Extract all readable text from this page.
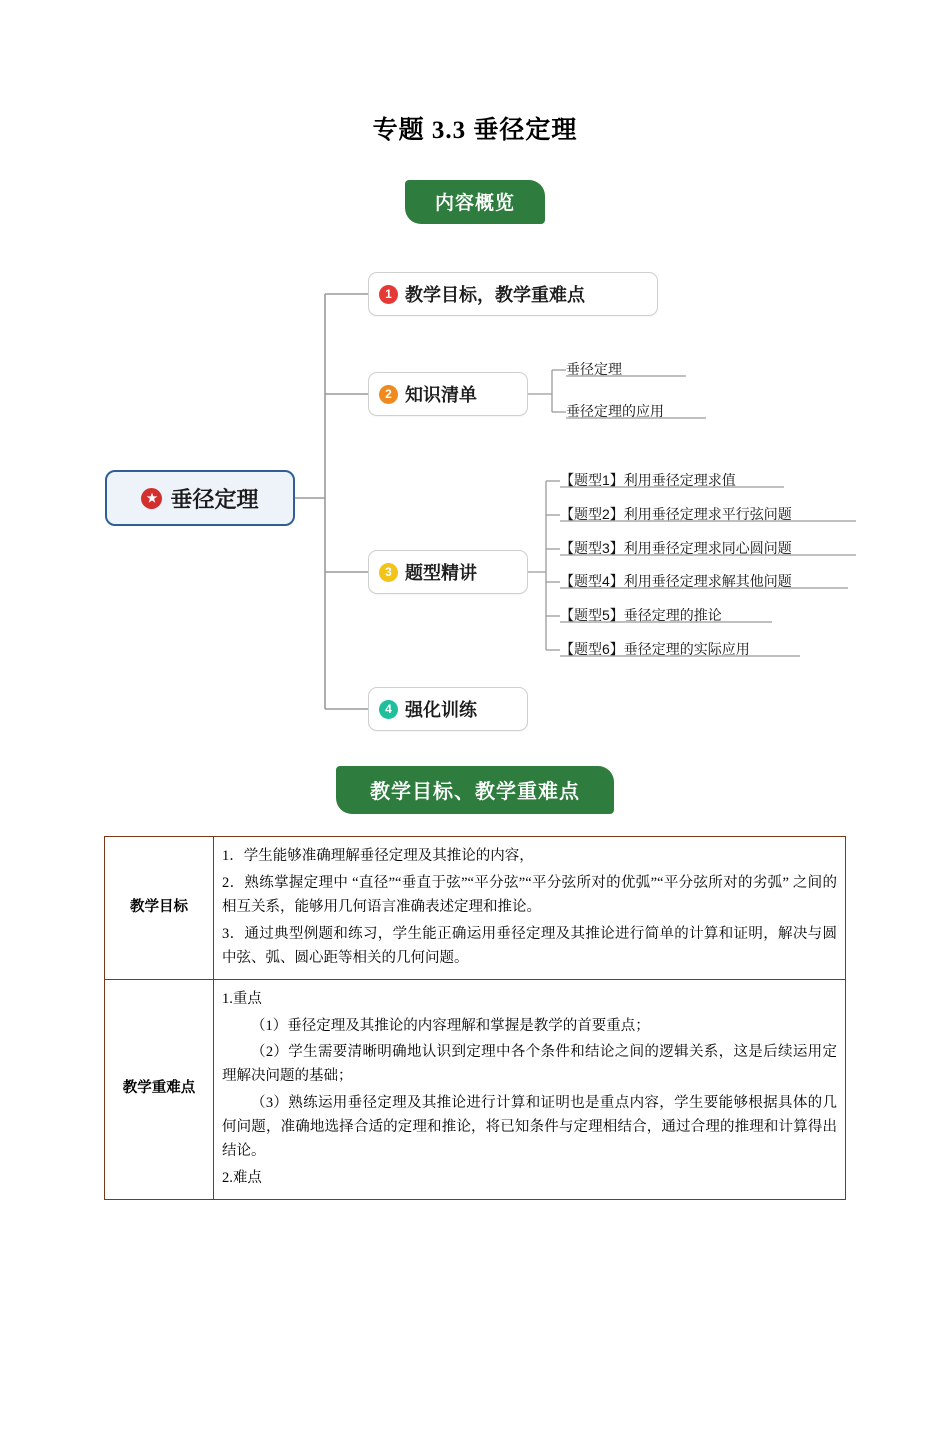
专题 3.3 垂径定理
内容概览
★ 垂径定理
1 教学目标，教学重难点
2 知识清单
垂径定理
垂径定理的应用
3 题型精讲
【题型1】利用垂径定理求值
【题型2】利用垂径定理求平行弦问题
【题型3】利用垂径定理求同心圆问题
【题型4】利用垂径定理求解其他问题
【题型5】垂径定理的推论
【题型6】垂径定理的实际应用
4 强化训练
教学目标、教学重难点
教学目标	1．学生能够准确理解垂径定理及其推论的内容，

2．熟练掌握定理中 “直径”“垂直于弦”“平分弦”“平分弦所对的优弧”“平分弦所对的劣弧” 之间的相互关系，能够用几何语言准确表述定理和推论。

3．通过典型例题和练习，学生能正确运用垂径定理及其推论进行简单的计算和证明，解决与圆中弦、弧、圆心距等相关的几何问题。

教学重难点	1.重点

（1）垂径定理及其推论的内容理解和掌握是教学的首要重点；

（2）学生需要清晰明确地认识到定理中各个条件和结论之间的逻辑关系，这是后续运用定理解决问题的基础；

（3）熟练运用垂径定理及其推论进行计算和证明也是重点内容，学生要能够根据具体的几何问题，准确地选择合适的定理和推论，将已知条件与定理相结合，通过合理的推理和计算得出结论。

2.难点
